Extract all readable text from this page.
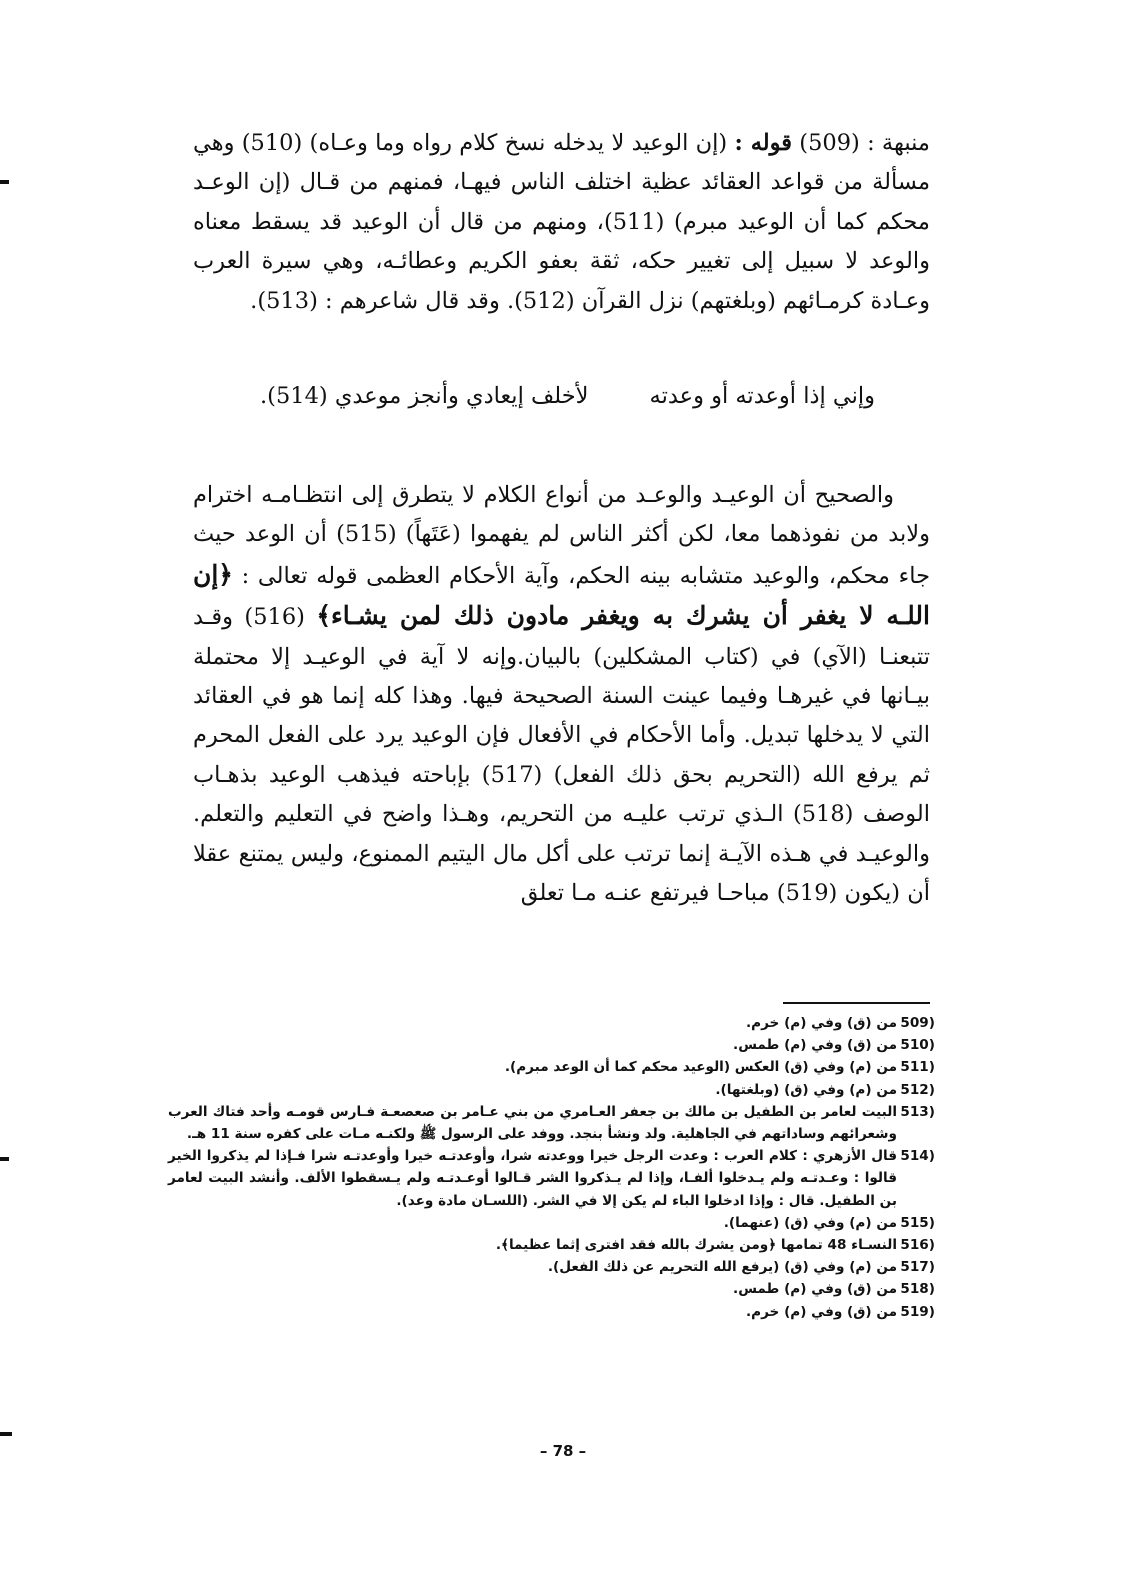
منبهة : (509) قوله : (إن الوعيد لا يدخله نسخ كلام رواه وما وعـاه) (510) وهي مسألة من قواعد العقائد عظية اختلف الناس فيهـا، فمنهم من قـال (إن الوعـد محكم كما أن الوعيد مبرم) (511)، ومنهم من قال أن الوعيد قد يسقط معناه والوعد لا سبيل إلى تغيير حكه، ثقة بعفو الكريم وعطائـه، وهي سيرة العرب وعـادة كرمـائهم (وبلغتهم) نزل القرآن (512). وقد قال شاعرهم : (513).

وإني إذا أوعدته أو وعدته
لأخلف إيعادي وأنجز موعدي (514).

والصحيح أن الوعيـد والوعـد من أنواع الكلام لا يتطرق إلى انتظـامـه اخترام ولابد من نفوذهما معا، لكن أكثر الناس لم يفهموا (عَتَهاً) (515) أن الوعد حيث جاء محكم، والوعيد متشابه بينه الحكم، وآية الأحكام العظمى قوله تعالى : ﴿إن اللـه لا يغفر أن يشرك به ويغفر مادون ذلك لمن يشـاء﴾ (516) وقـد تتبعنـا (الآي) في (كتاب المشكلين) بالبيان.وإنه لا آية في الوعيـد إلا محتملة بيـانها في غيرهـا وفيما عينت السنة الصحيحة فيها. وهذا كله إنما هو في العقائد التي لا يدخلها تبديل. وأما الأحكام في الأفعال فإن الوعيد يرد على الفعل المحرم ثم يرفع الله (التحريم بحق ذلك الفعل) (517) بإباحته فيذهب الوعيد بذهـاب الوصف (518) الـذي ترتب عليـه من التحريم، وهـذا واضح في التعليم والتعلم. والوعيـد في هـذه الآيـة إنما ترتب على أكل مال اليتيم الممنوع، وليس يمتنع عقلا أن (يكون (519) مباحـا فيرتفع عنـه مـا تعلق

(509
من (ق) وفي (م) خرم.
(510
من (ق) وفي (م) طمس.
(511
من (م) وفي (ق) العكس (الوعيد محكم كما أن الوعد مبرم).
(512
من (م) وفي (ق) (وبلغتها).
(513
البيت لعامر بن الطفيل بن مالك بن جعفر العـامري من بني عـامر بن صعصعـة فـارس قومـه وأحد فتاك العرب وشعرائهم وساداتهم في الجاهلية. ولد ونشأ بنجد. ووفد على الرسول ﷺ ولكنـه مـات على كفره سنة 11 هـ.
(514
قال الأزهري : كلام العرب : وعدت الرجل خيرا ووعدته شرا، وأوعدتـه خيرا وأوعدتـه شرا فـإذا لم يذكروا الخير قالوا : وعـدتـه ولم يـدخلوا ألفـا، وإذا لم يـذكروا الشر قـالوا أوعـدتـه ولم يـسقطوا الألف. وأنشد البيت لعامر بن الطفيل. قال : وإذا ادخلوا الباء لم يكن إلا في الشر. (اللسـان مادة وعد).
(515
من (م) وفي (ق) (عنهما).
(516
النسـاء 48 تمامها ﴿ومن يشرك بالله فقد افترى إثما عظيما﴾.
(517
من (م) وفي (ق) (يرفع الله التحريم عن ذلك الفعل).
(518
من (ق) وفي (م) طمس.
(519
من (ق) وفي (م) خرم.
– 78 –
